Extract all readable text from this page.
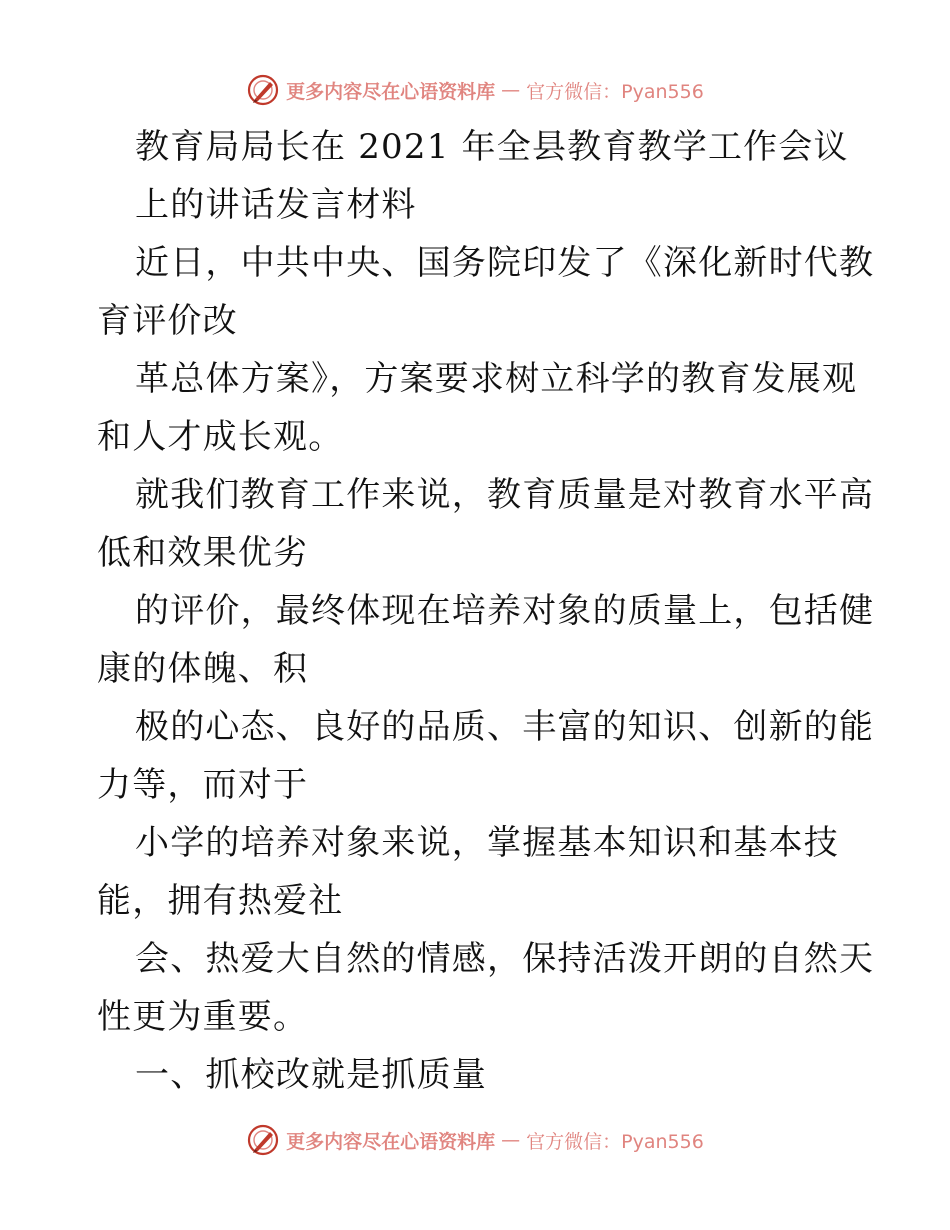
更多内容尽在心语资料库 — 官方微信：Pyan556
教育局局长在 2021 年全县教育教学工作会议
上的讲话发言材料
近日，中共中央、国务院印发了《深化新时代教
育评价改
革总体方案》，方案要求树立科学的教育发展观
和人才成长观。
就我们教育工作来说，教育质量是对教育水平高
低和效果优劣
的评价，最终体现在培养对象的质量上，包括健
康的体魄、积
极的心态、良好的品质、丰富的知识、创新的能
力等，而对于
小学的培养对象来说，掌握基本知识和基本技
能，拥有热爱社
会、热爱大自然的情感，保持活泼开朗的自然天
性更为重要。
一、抓校改就是抓质量
更多内容尽在心语资料库 — 官方微信：Pyan556
